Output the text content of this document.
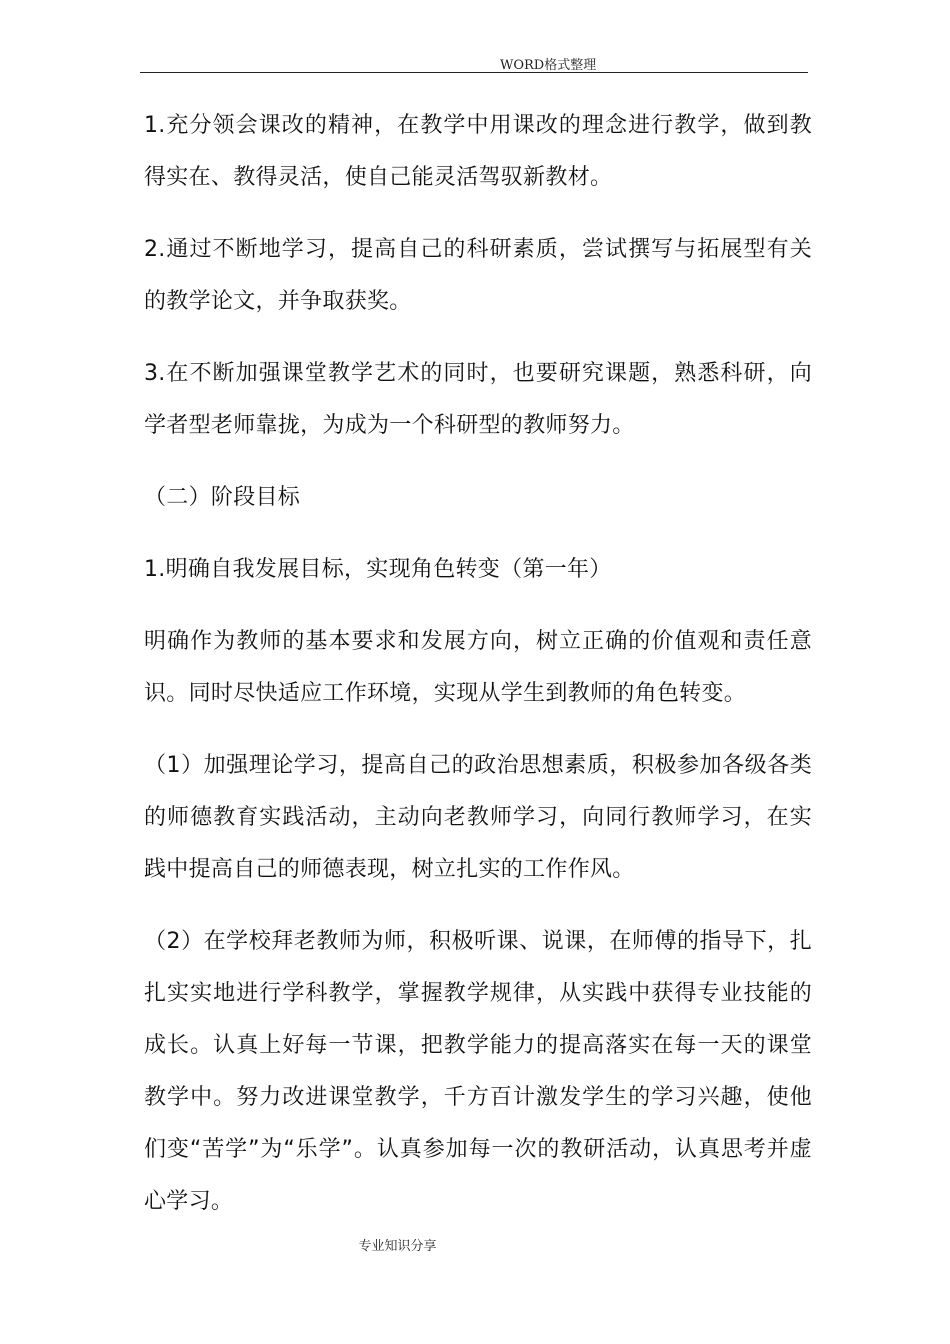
WORD格式整理

1.充分领会课改的精神，在教学中用课改的理念进行教学，做到教得实在、教得灵活，使自己能灵活驾驭新教材。

2.通过不断地学习，提高自己的科研素质，尝试撰写与拓展型有关的教学论文，并争取获奖。

3.在不断加强课堂教学艺术的同时，也要研究课题，熟悉科研，向学者型老师靠拢，为成为一个科研型的教师努力。

（二）阶段目标

1.明确自我发展目标，实现角色转变（第一年）

明确作为教师的基本要求和发展方向，树立正确的价值观和责任意识。同时尽快适应工作环境，实现从学生到教师的角色转变。

（1）加强理论学习，提高自己的政治思想素质，积极参加各级各类的师德教育实践活动，主动向老教师学习，向同行教师学习，在实践中提高自己的师德表现，树立扎实的工作作风。

（2）在学校拜老教师为师，积极听课、说课，在师傅的指导下，扎扎实实地进行学科教学，掌握教学规律，从实践中获得专业技能的成长。认真上好每一节课，把教学能力的提高落实在每一天的课堂教学中。努力改进课堂教学，千方百计激发学生的学习兴趣，使他们变“苦学”为“乐学”。认真参加每一次的教研活动，认真思考并虚心学习。

专业知识分享
